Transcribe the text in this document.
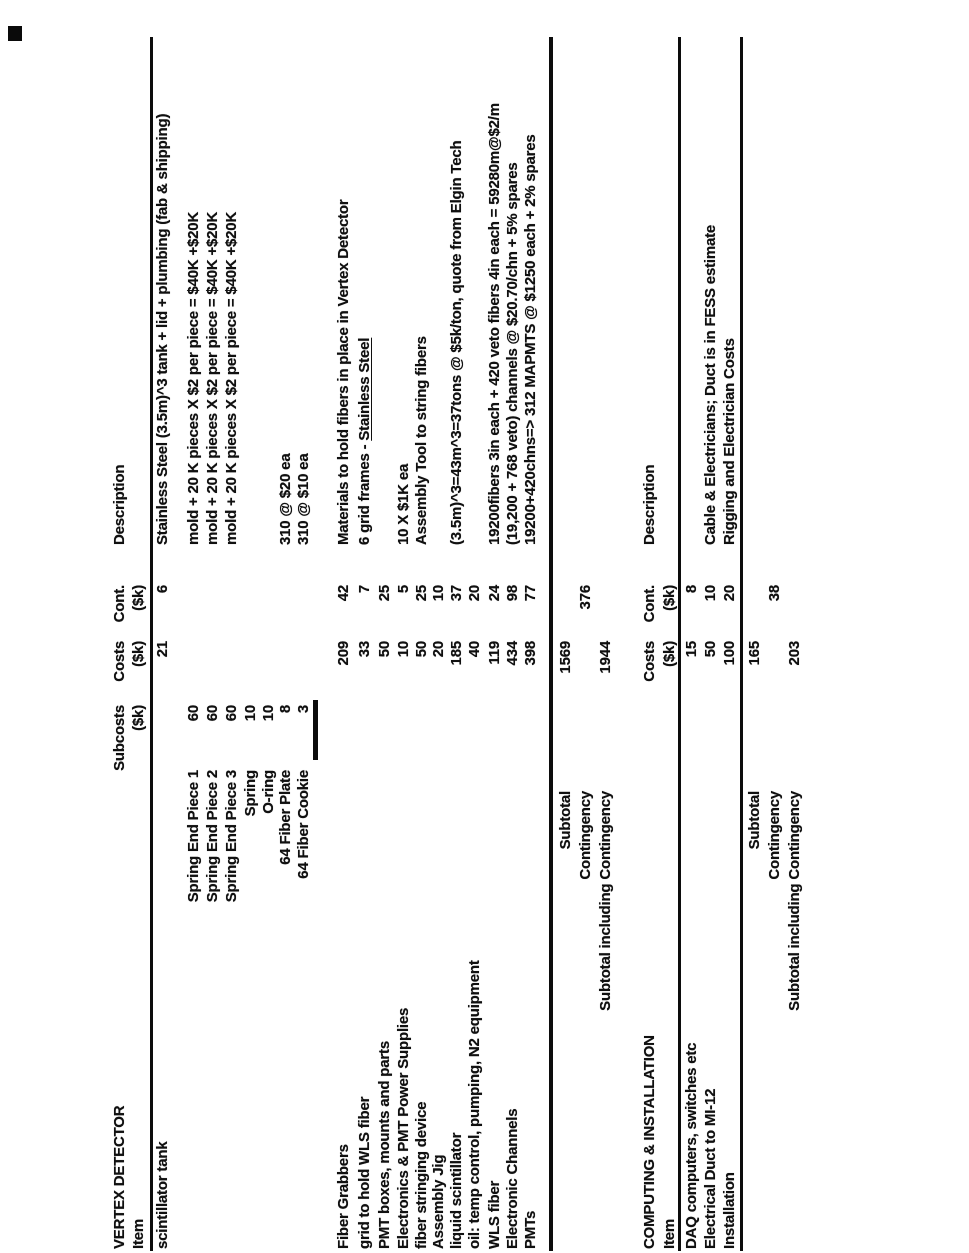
VERTEX DETECTOR
Subcosts
Costs
Cont.
Description
Item
($k)
($k)
($k)
scintillator tank
21
6
Stainless Steel (3.5m)^3 tank + lid + plumbing (fab & shipping)
Spring End Piece 1
60
mold + 20 K pieces X $2 per piece = $40K +$20K
Spring End Piece 2
60
mold + 20 K pieces X $2 per piece = $40K +$20K
Spring End Piece 3
60
mold + 20 K pieces X $2 per piece = $40K +$20K
Spring
10
O-ring
10
64 Fiber Plate
8
310 @ $20 ea
64 Fiber Cookie
3
310 @ $10 ea
Fiber Grabbers
209
42
Materials to hold fibers in place in Vertex Detector
grid to hold WLS fiber
33
7
6 grid frames - Stainless Steel
PMT boxes, mounts and parts
50
25
Electronics & PMT Power Supplies
10
5
10 X $1K ea
fiber stringing device
50
25
Assembly Tool to string fibers
Assembly Jig
20
10
liquid scintillator
185
37
(3.5m)^3=43m^3=37tons @ $5k/ton, quote from Elgin Tech
oil: temp control, pumping, N2 equipment
40
20
WLS fiber
119
24
19200fibers 3in each + 420 veto fibers 4in each = 59280m@$2/m
Electronic Channels
434
98
(19,200 + 768 veto) channels @ $20.70/chn + 5% spares
PMTs
398
77
19200+420chns=> 312 MAPMTS @ $1250 each + 2% spares
Subtotal
1569
Contingency
376
Subtotal including Contingency
1944
COMPUTING & INSTALLATION
Costs
Cont.
Description
Item
($k)
($k)
DAQ computers, switches etc
15
8
Electrical Duct to MI-12
50
10
Cable & Electricians; Duct is in FESS estimate
Installation
100
20
Rigging and Electrician Costs
Subtotal
165
Contingency
38
Subtotal including Contingency
203
